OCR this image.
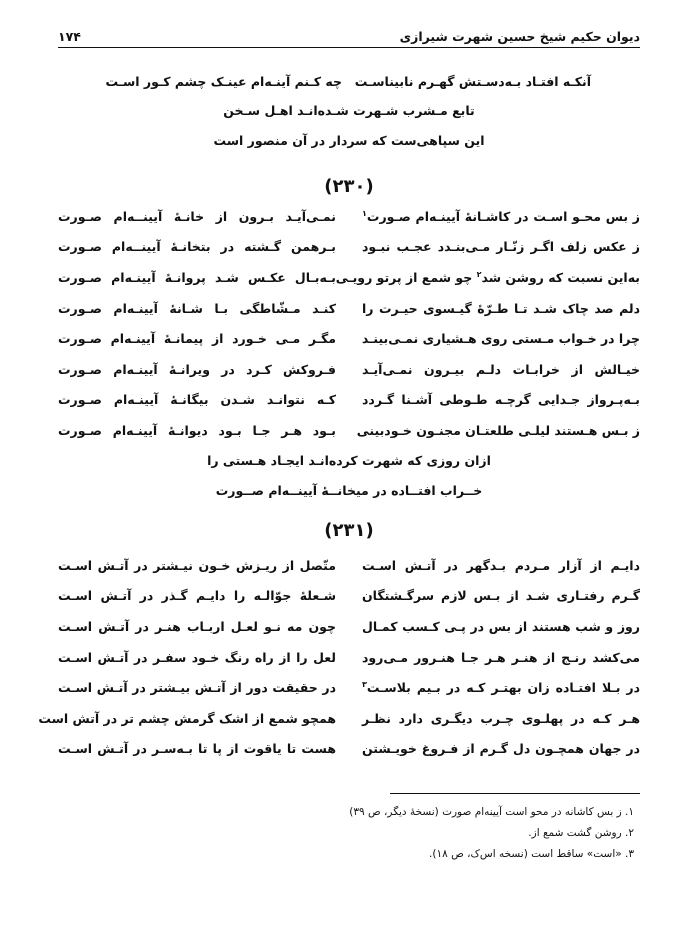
دیوان حکیم شیخ حسین شهرت شیرازی
۱۷۴
آنکـه افتـاد بـه‌دسـتش گهـرم نابیناسـت
چه کـنم آینـه‌ام عینـک چشم کـور اسـت
تابع مـشرب شـهرت شـده‌انـد اهـل سـخن
این سپاهی‌ست که سردار در آن منصور است
(۲۳۰)
ز بس محـو اسـت در کاشـانهٔ آیینـه‌ام صـورت$^۱$
نمـی‌آیـد بـرون از خانـهٔ آیینــه‌ام صـورت
ز عکس زلف اگـر زنّـار مـی‌بنـدد عجـب نبـود
بـرهمن گـشته در بتخانـهٔ آیینــه‌ام صـورت
به‌این نسبت که روشن شد$^۲$ چو شمع از پرتو رویـی
بـه‌بـال عکـس شـد پروانـهٔ آیینـه‌ام صـورت
دلم صد چاک شـد تـا طـرّهٔ گیـسوی حیـرت را
کنـد مـشّاطگی بـا شـانهٔ آیینـه‌ام صـورت
چرا در خـواب مـستی روی هـشیاری نمـی‌بینـد
مگـر مـی خـورد از پیمانـهٔ آیینـه‌ام صـورت
خیـالش از خرابـات دلـم بیـرون نمـی‌آیـد
فـروکش کـرد در ویرانـهٔ آیینـه‌ام صـورت
بـه‌پـرواز جـدایی گرچـه طـوطی آشـنا گـردد
کـه نتوانـد شـدن بیگانـهٔ آیینـه‌ام صـورت
ز بـس هـستند لیلـی طلعتـان مجنـون خـودبینی
بـود هـر جـا بـود دیوانـهٔ آیینـه‌ام صـورت
ازان روزی که شهرت کرده‌انـد ایجـاد هـستی را
خــراب افتــاده در میخانــهٔ آیینــه‌ام صــورت
(۲۳۱)
دایـم از آزار مـردم بـدگهر در آتـش اسـت
متّصل از ریـزش خـون نیـشتر در آتـش اسـت
گـرم رفتـاری شـد از بـس لازم سرگـشتگان
شـعلهٔ جوّالـه را دایـم گـذر در آتـش اسـت
روز و شب هستند از بس در پـی کـسب کمـال
چون مه نـو لعـل اربـاب هنـر در آتـش اسـت
می‌کشد رنـج از هنـر هـر جـا هنـرور مـی‌رود
لعل را از راه رنگ خـود سفـر در آتـش اسـت
در بـلا افتـاده زان بهتـر کـه در بـیم بلاسـت$^۳$
در حقیقت دور از آتـش بیـشتر در آتـش اسـت
هـر کـه در پهلـوی چـرب دیگـری دارد نظـر
همچو شمع از اشک گرمش چشم تر در آتش است
در جهان همچـون دل گـرم از فـروغ خویـشتن
هست تا یاقوت از پا تا بـه‌سـر در آتـش اسـت
۱. ز بس کاشانه در محو است آیینه‌ام صورت (نسخهٔ دیگر، ص ۳۹)
۲. روشن گشت شمع از.
۳. «است» ساقط است (نسخه اس‌ک، ص ۱۸).
